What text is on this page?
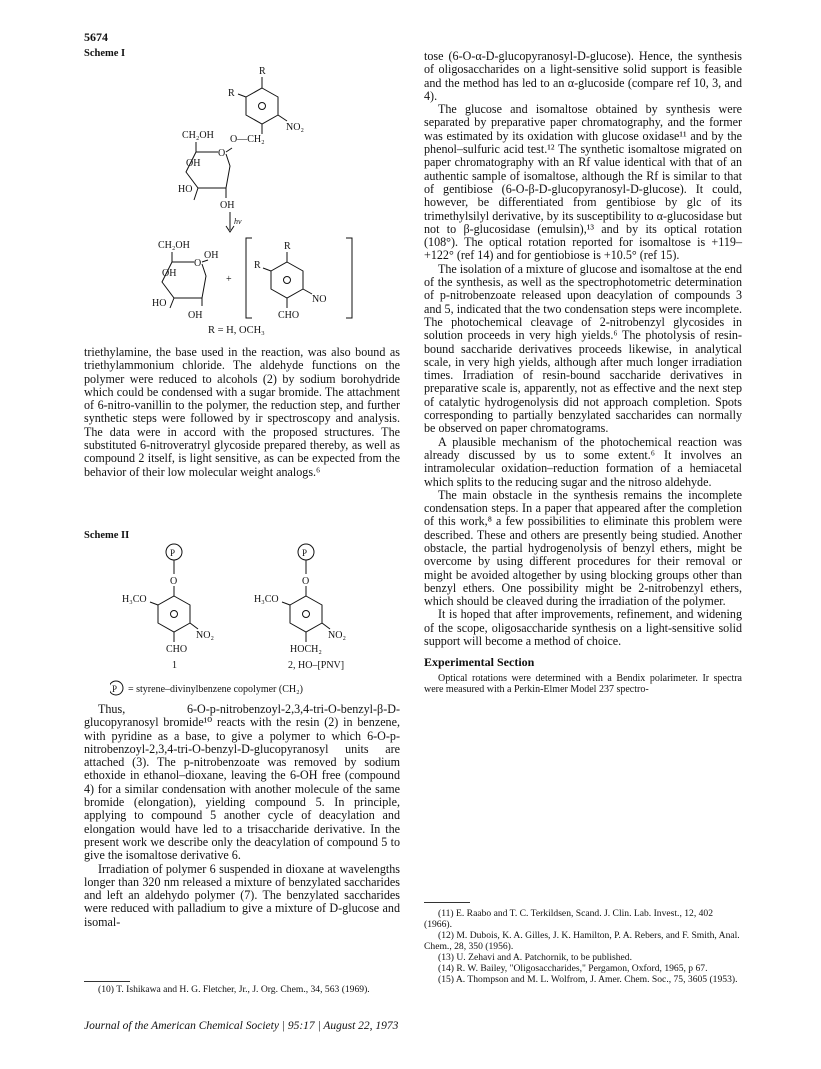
5674
Scheme I
R
R
NO₂
O—CH₂
CH₂OH
O
OH
HO
OH
hν
CH₂OH
O
OH
OH
HO
OH
+
R
R
NO
CHO
R = H, OCH₃

triethylamine, the base used in the reaction, was also bound as triethylammonium chloride. The aldehyde functions on the polymer were reduced to alcohols (2) by sodium borohydride which could be condensed with a sugar bromide. The attachment of 6-nitro-vanillin to the polymer, the reduction step, and further synthetic steps were followed by ir spectroscopy and analysis. The data were in accord with the proposed structures. The substituted 6-nitroveratryl glycoside prepared thereby, as well as compound 2 itself, is light sensitive, as can be expected from the behavior of their low molecular weight analogs.⁶

Scheme II
P
O
H₃CO
NO₂
CHO
1
P
O
H₃CO
NO₂
HOCH₂
2, HO–[PNV]
P = styrene–divinylbenzene copolymer (CH₂)

Thus, 6-O-p-nitrobenzoyl-2,3,4-tri-O-benzyl-β-D-glucopyranosyl bromide¹⁰ reacts with the resin (2) in benzene, with pyridine as a base, to give a polymer to which 6-O-p-nitrobenzoyl-2,3,4-tri-O-benzyl-D-glucopyranosyl units are attached (3). The p-nitrobenzoate was removed by sodium ethoxide in ethanol–dioxane, leaving the 6-OH free (compound 4) for a similar condensation with another molecule of the same bromide (elongation), yielding compound 5. In principle, applying to compound 5 another cycle of deacylation and elongation would have led to a trisaccharide derivative. In the present work we describe only the deacylation of compound 5 to give the isomaltose derivative 6.

Irradiation of polymer 6 suspended in dioxane at wavelengths longer than 320 nm released a mixture of benzylated saccharides and left an aldehydo polymer (7). The benzylated saccharides were reduced with palladium to give a mixture of D-glucose and isomal-

(10) T. Ishikawa and H. G. Fletcher, Jr., J. Org. Chem., 34, 563 (1969).

tose (6-O-α-D-glucopyranosyl-D-glucose). Hence, the synthesis of oligosaccharides on a light-sensitive solid support is feasible and the method has led to an α-glucoside (compare ref 10, 3, and 4).

The glucose and isomaltose obtained by synthesis were separated by preparative paper chromatography, and the former was estimated by its oxidation with glucose oxidase¹¹ and by the phenol–sulfuric acid test.¹² The synthetic isomaltose migrated on paper chromatography with an Rf value identical with that of an authentic sample of isomaltose, although the Rf is similar to that of gentibiose (6-O-β-D-glucopyranosyl-D-glucose). It could, however, be differentiated from gentibiose by glc of its trimethylsilyl derivative, by its susceptibility to α-glucosidase but not to β-glucosidase (emulsin),¹³ and by its optical rotation (108°). The optical rotation reported for isomaltose is +119–+122° (ref 14) and for gentiobiose is +10.5° (ref 15).

The isolation of a mixture of glucose and isomaltose at the end of the synthesis, as well as the spectrophotometric determination of p-nitrobenzoate released upon deacylation of compounds 3 and 5, indicated that the two condensation steps were incomplete. The photochemical cleavage of 2-nitrobenzyl glycosides in solution proceeds in very high yields.⁶ The photolysis of resin-bound saccharide derivatives proceeds likewise, in analytical scale, in very high yields, although after much longer irradiation times. Irradiation of resin-bound saccharide derivatives in preparative scale is, apparently, not as effective and the next step of catalytic hydrogenolysis did not approach completion. Spots corresponding to partially benzylated saccharides can normally be observed on paper chromatograms.

A plausible mechanism of the photochemical reaction was already discussed by us to some extent.⁶ It involves an intramolecular oxidation–reduction formation of a hemiacetal which splits to the reducing sugar and the nitroso aldehyde.

The main obstacle in the synthesis remains the incomplete condensation steps. In a paper that appeared after the completion of this work,⁸ a few possibilities to eliminate this problem were described. These and others are presently being studied. Another obstacle, the partial hydrogenolysis of benzyl ethers, might be overcome by using different procedures for their removal or might be avoided altogether by using blocking groups other than benzyl ethers. One possibility might be 2-nitrobenzyl ethers, which should be cleaved during the irradiation of the polymer.

It is hoped that after improvements, refinement, and widening of the scope, oligosaccharide synthesis on a light-sensitive solid support will become a method of choice.

Experimental Section

Optical rotations were determined with a Bendix polarimeter. Ir spectra were measured with a Perkin-Elmer Model 237 spectro-

(11) E. Raabo and T. C. Terkildsen, Scand. J. Clin. Lab. Invest., 12, 402 (1966).

(12) M. Dubois, K. A. Gilles, J. K. Hamilton, P. A. Rebers, and F. Smith, Anal. Chem., 28, 350 (1956).

(13) U. Zehavi and A. Patchornik, to be published.

(14) R. W. Bailey, "Oligosaccharides," Pergamon, Oxford, 1965, p 67.

(15) A. Thompson and M. L. Wolfrom, J. Amer. Chem. Soc., 75, 3605 (1953).

Journal of the American Chemical Society | 95:17 | August 22, 1973
